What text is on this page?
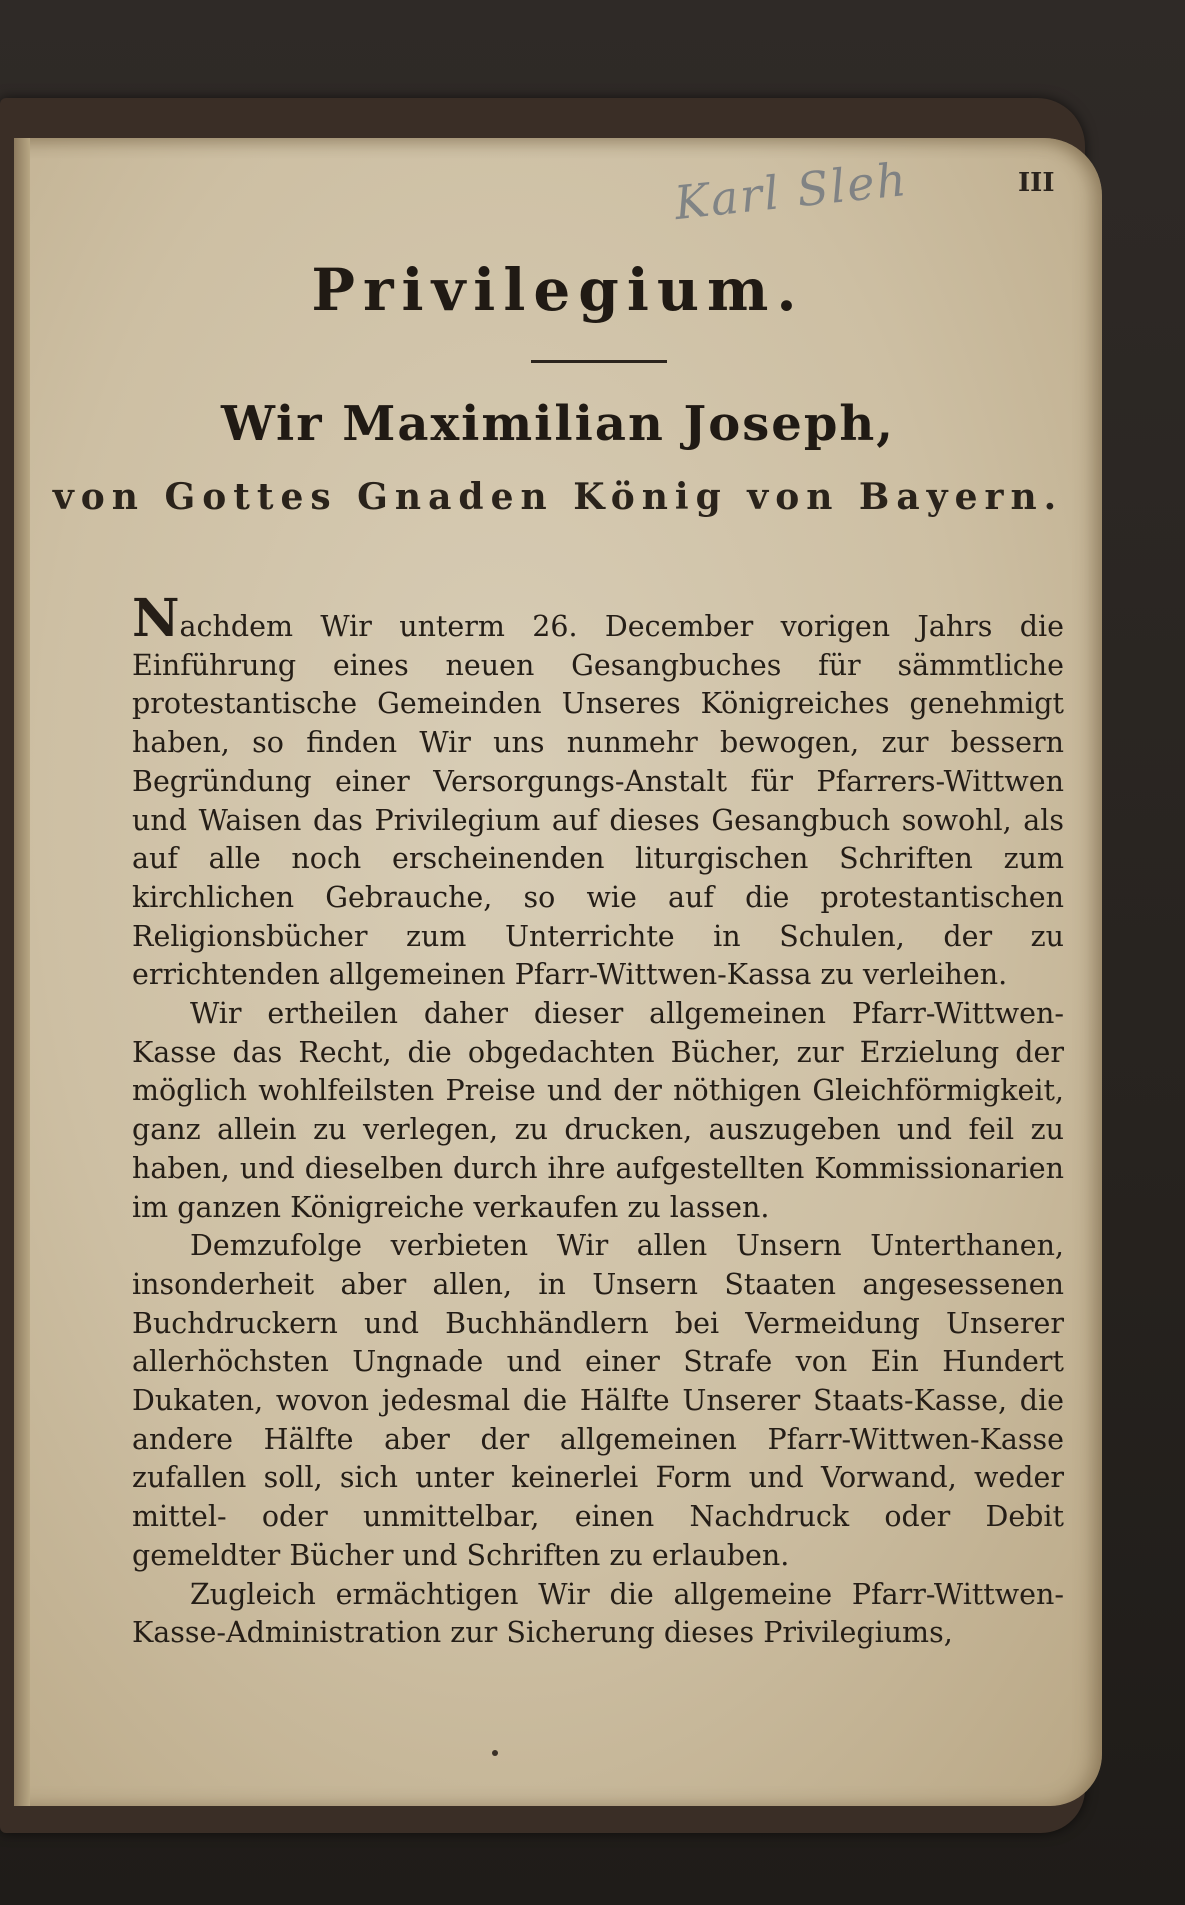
Karl Sleh	III
Privilegium.
Wir Maximilian Joseph,
von Gottes Gnaden König von Bayern.

Nachdem Wir unterm 26. December vorigen Jahrs die Einführung eines neuen Gesangbuches für sämmtliche protestantische Gemeinden Unseres Königreiches genehmigt haben, so finden Wir uns nunmehr bewogen, zur bessern Begründung einer Versorgungs-Anstalt für Pfarrers-Wittwen und Waisen das Privilegium auf dieses Gesangbuch sowohl, als auf alle noch erscheinenden liturgischen Schriften zum kirchlichen Gebrauche, so wie auf die protestantischen Religionsbücher zum Unterrichte in Schulen, der zu errichtenden allgemeinen Pfarr-Wittwen-Kassa zu verleihen.

Wir ertheilen daher dieser allgemeinen Pfarr-Wittwen-Kasse das Recht, die obgedachten Bücher, zur Erzielung der möglich wohlfeilsten Preise und der nöthigen Gleichförmigkeit, ganz allein zu verlegen, zu drucken, auszugeben und feil zu haben, und dieselben durch ihre aufgestellten Kommissionarien im ganzen Königreiche verkaufen zu lassen.

Demzufolge verbieten Wir allen Unsern Unterthanen, insonderheit aber allen, in Unsern Staaten angesessenen Buchdruckern und Buchhändlern bei Vermeidung Unserer allerhöchsten Ungnade und einer Strafe von Ein Hundert Dukaten, wovon jedesmal die Hälfte Unserer Staats-Kasse, die andere Hälfte aber der allgemeinen Pfarr-Wittwen-Kasse zufallen soll, sich unter keinerlei Form und Vorwand, weder mittel- oder unmittelbar, einen Nachdruck oder Debit gemeldter Bücher und Schriften zu erlauben.

Zugleich ermächtigen Wir die allgemeine Pfarr-Wittwen-Kasse-Administration zur Sicherung dieses Privilegiums,
